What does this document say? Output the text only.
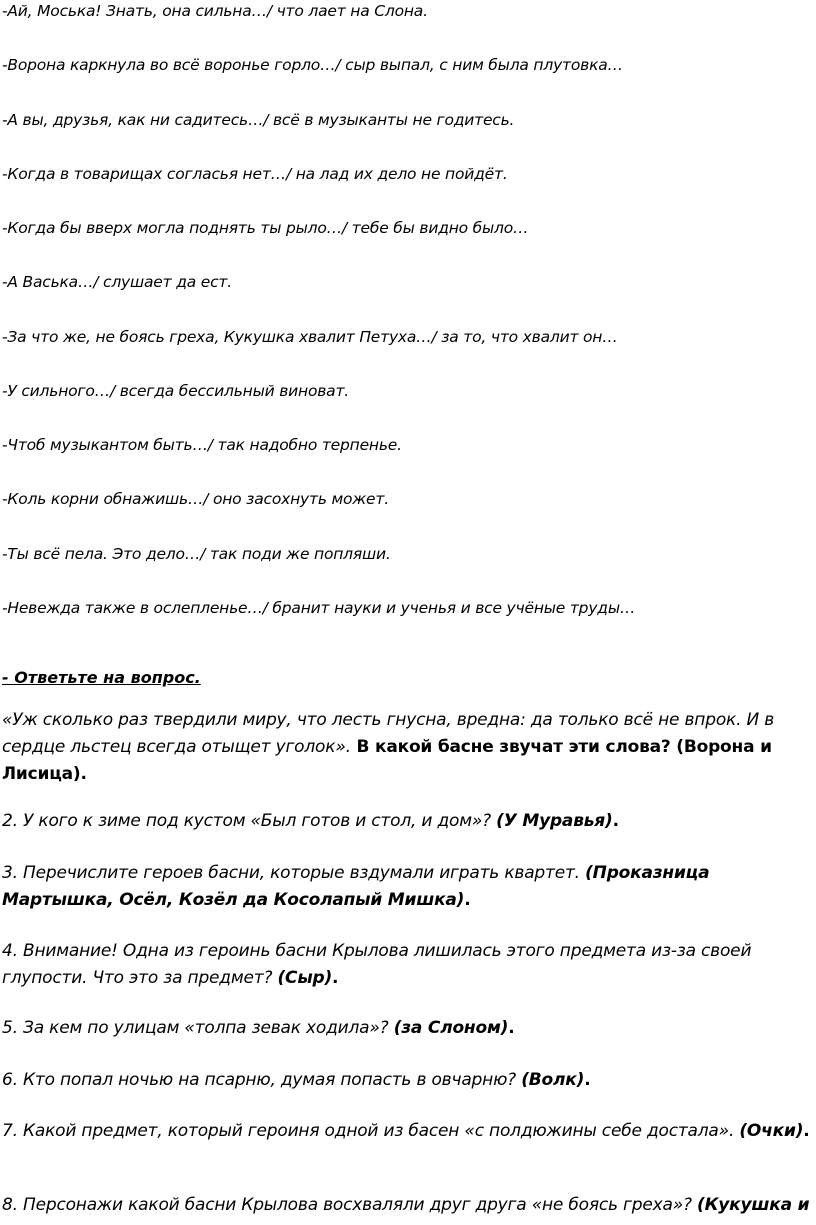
-Ай, Моська! Знать, она сильна…/ что лает на Слона.
-Ворона каркнула во всё воронье горло…/ сыр выпал, с ним была плутовка…
-А вы, друзья, как ни садитесь…/ всё в музыканты не годитесь.
-Когда в товарищах согласья нет…/ на лад их дело не пойдёт.
-Когда бы вверх могла поднять ты рыло…/ тебе бы видно было…
-А Васька…/ слушает да ест.
-За что же, не боясь греха, Кукушка хвалит Петуха…/ за то, что хвалит он…
-У сильного…/ всегда бессильный виноват.
-Чтоб музыкантом быть…/ так надобно терпенье.
-Коль корни обнажишь…/ оно засохнуть может.
-Ты всё пела. Это дело…/ так поди же попляши.
-Невежда также в ослепленье…/ бранит науки и ученья и все учёные труды…
- Ответьте на вопрос.
«Уж сколько раз твердили миру, что лесть гнусна, вредна: да только всё не впрок. И в сердце льстец всегда отыщет уголок». В какой басне звучат эти слова? (Ворона и Лисица).
2. У кого к зиме под кустом «Был готов и стол, и дом»? (У Муравья).
3. Перечислите героев басни, которые вздумали играть квартет. (Проказница Мартышка, Осёл, Козёл да Косолапый Мишка).
4. Внимание! Одна из героинь басни Крылова лишилась этого предмета из-за своей глупости. Что это за предмет? (Сыр).
5. За кем по улицам «толпа зевак ходила»? (за Слоном).
6. Кто попал ночью на псарню, думая попасть в овчарню? (Волк).
7. Какой предмет, который героиня одной из басен «с полдюжины себе достала». (Очки).
8. Персонажи какой басни Крылова восхваляли друг друга «не боясь греха»? (Кукушка и
